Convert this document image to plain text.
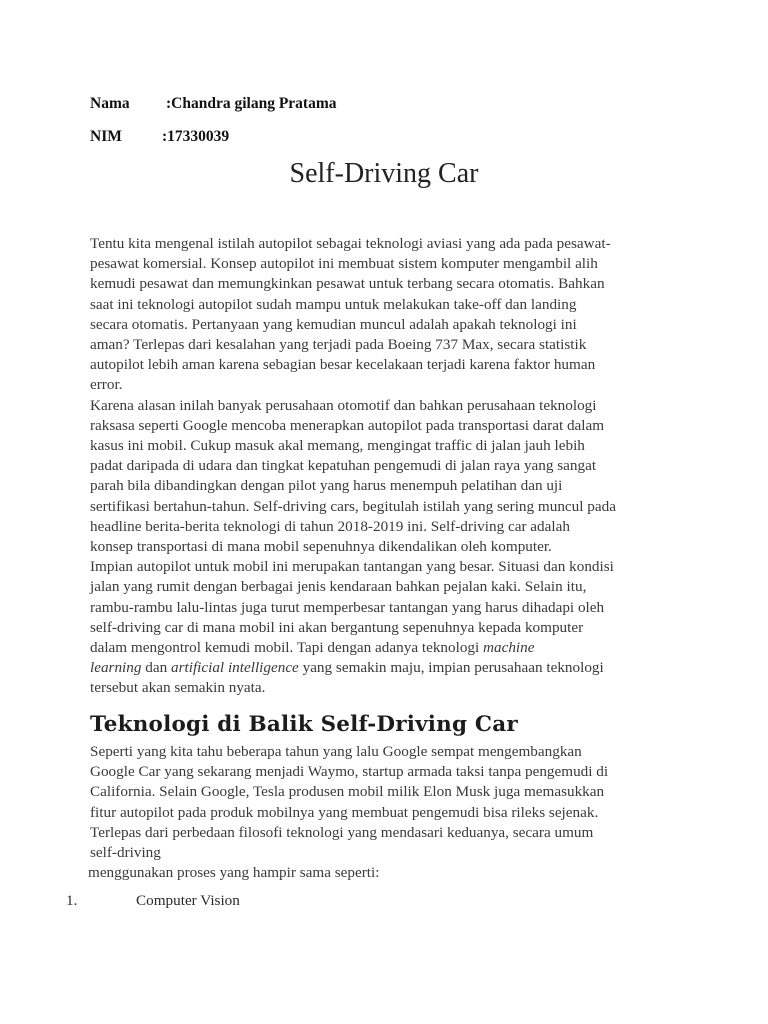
Nama :Chandra gilang Pratama
NIM	:17330039
Self-Driving Car
Tentu kita mengenal istilah autopilot sebagai teknologi aviasi yang ada pada pesawat-
pesawat komersial. Konsep autopilot ini membuat sistem komputer mengambil alih
kemudi pesawat dan memungkinkan pesawat untuk terbang secara otomatis. Bahkan
saat ini teknologi autopilot sudah mampu untuk melakukan take-off dan landing
secara otomatis. Pertanyaan yang kemudian muncul adalah apakah teknologi ini
aman? Terlepas dari kesalahan yang terjadi pada Boeing 737 Max, secara statistik
autopilot lebih aman karena sebagian besar kecelakaan terjadi karena faktor human
error.
Karena alasan inilah banyak perusahaan otomotif dan bahkan perusahaan teknologi
raksasa seperti Google mencoba menerapkan autopilot pada transportasi darat dalam
kasus ini mobil. Cukup masuk akal memang, mengingat traffic di jalan jauh lebih
padat daripada di udara dan tingkat kepatuhan pengemudi di jalan raya yang sangat
parah bila dibandingkan dengan pilot yang harus menempuh pelatihan dan uji
sertifikasi bertahun-tahun. Self-driving cars, begitulah istilah yang sering muncul pada
headline berita-berita teknologi di tahun 2018-2019 ini. Self-driving car adalah
konsep transportasi di mana mobil sepenuhnya dikendalikan oleh komputer.
Impian autopilot untuk mobil ini merupakan tantangan yang besar. Situasi dan kondisi
jalan yang rumit dengan berbagai jenis kendaraan bahkan pejalan kaki. Selain itu,
rambu-rambu lalu-lintas juga turut memperbesar tantangan yang harus dihadapi oleh
self-driving car di mana mobil ini akan bergantung sepenuhnya kepada komputer
dalam mengontrol kemudi mobil. Tapi dengan adanya teknologi machine
learning dan artificial intelligence yang semakin maju, impian perusahaan teknologi
tersebut akan semakin nyata.
Teknologi di Balik Self-Driving Car
Seperti yang kita tahu beberapa tahun yang lalu Google sempat mengembangkan
Google Car yang sekarang menjadi Waymo, startup armada taksi tanpa pengemudi di
California. Selain Google, Tesla produsen mobil milik Elon Musk juga memasukkan
fitur autopilot pada produk mobilnya yang membuat pengemudi bisa rileks sejenak.
Terlepas dari perbedaan filosofi teknologi yang mendasari keduanya, secara umum
self-driving
menggunakan proses yang hampir sama seperti:
1.	Computer Vision
